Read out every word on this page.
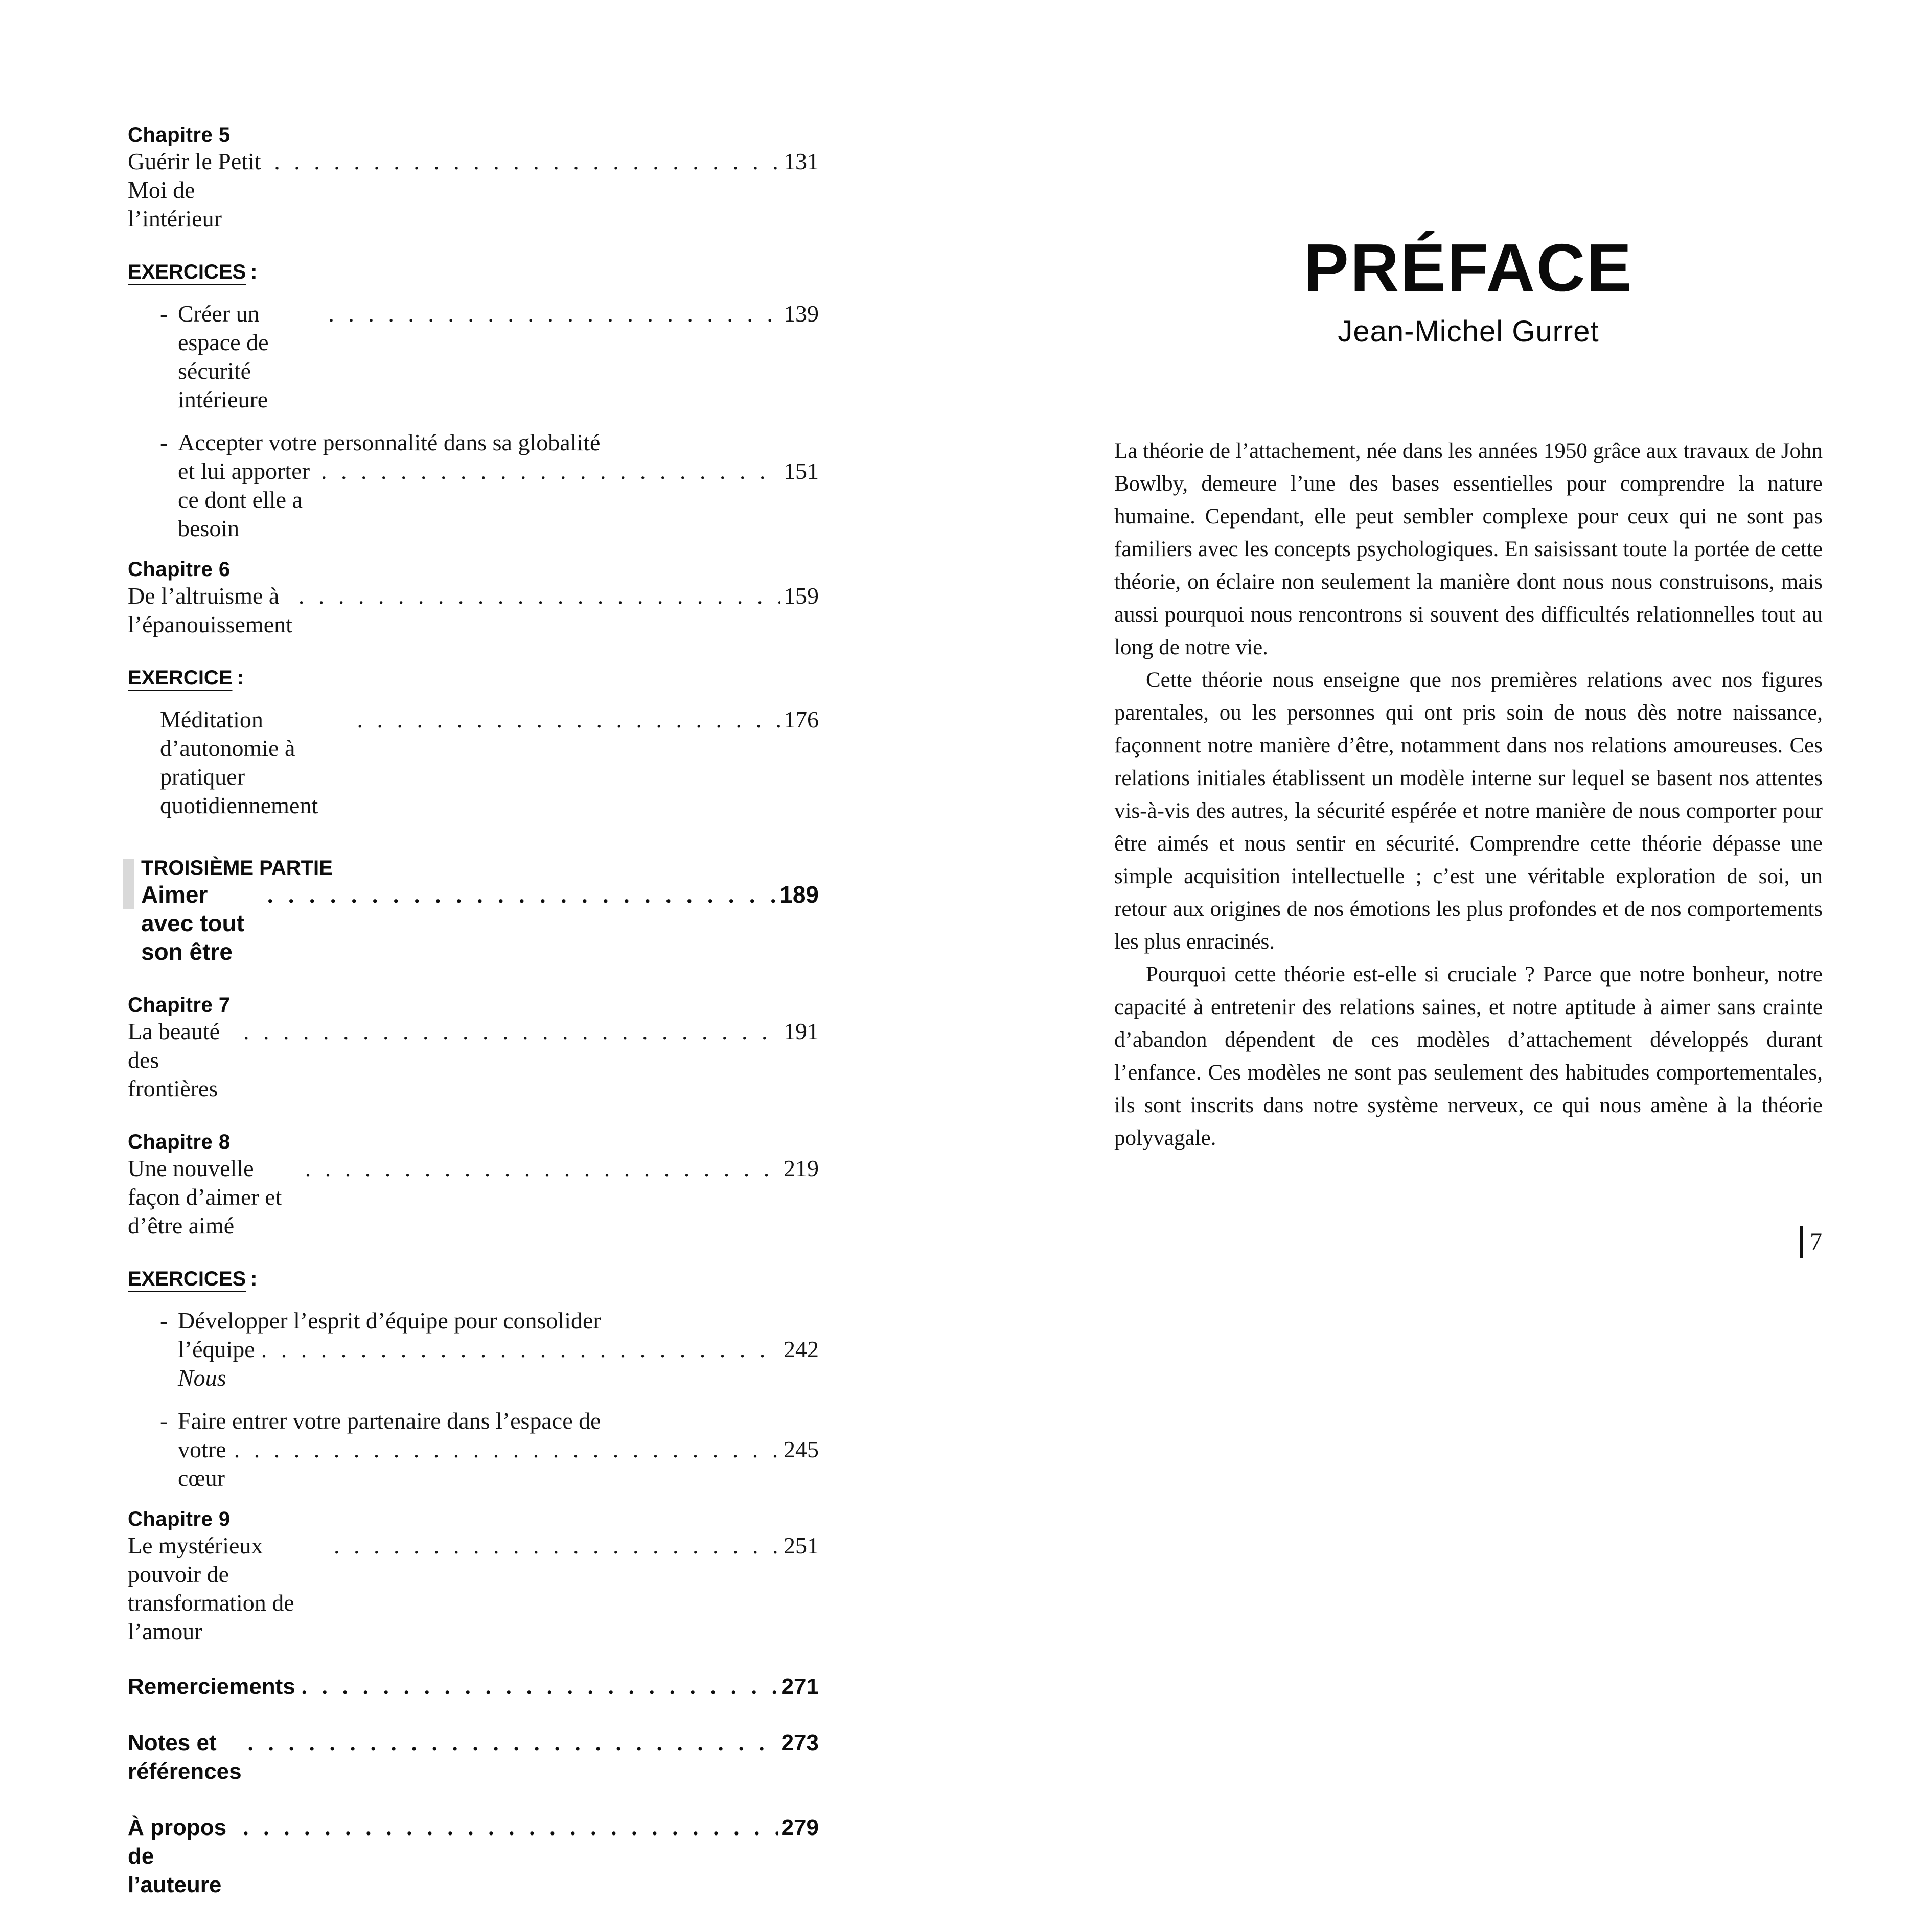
Chapitre 5
Guérir le Petit Moi de l’intérieur
. . .
131
EXERCICES :
- Créer un espace de sécurité intérieure
. . .
139
- Accepter votre personnalité dans sa globalité
et lui apporter ce dont elle a besoin
. . .
151
Chapitre 6
De l’altruisme à l’épanouissement
. . .
159
EXERCICE :
Méditation d’autonomie à pratiquer quotidiennement
. . .
176
TROISIÈME PARTIE
Aimer avec tout son être
. . .
189
Chapitre 7
La beauté des frontières
. . .
191
Chapitre 8
Une nouvelle façon d’aimer et d’être aimé
. . .
219
EXERCICES :
- Développer l’esprit d’équipe pour consolider
l’équipe Nous
. . .
242
- Faire entrer votre partenaire dans l’espace de
votre cœur
. . .
245
Chapitre 9
Le mystérieux pouvoir de transformation de l’amour
. . .
251
Remerciements . . .	271
Notes et références
. . .
273
À propos de l’auteure
. . .
279
PRÉFACE
Jean-Michel Gurret

La théorie de l’attachement, née dans les années 1950 grâce aux travaux de John Bowlby, demeure l’une des bases essentielles pour comprendre la nature humaine. Cependant, elle peut sembler complexe pour ceux qui ne sont pas familiers avec les concepts psychologiques. En saisissant toute la portée de cette théorie, on éclaire non seulement la manière dont nous nous construisons, mais aussi pourquoi nous rencontrons si souvent des difficultés relationnelles tout au long de notre vie.

Cette théorie nous enseigne que nos premières relations avec nos figures parentales, ou les personnes qui ont pris soin de nous dès notre naissance, façonnent notre manière d’être, notamment dans nos relations amoureuses. Ces relations initiales établissent un modèle interne sur lequel se basent nos attentes vis-à-vis des autres, la sécurité espérée et notre manière de nous comporter pour être aimés et nous sentir en sécurité. Comprendre cette théorie dépasse une simple acquisition intellectuelle ; c’est une véritable exploration de soi, un retour aux origines de nos émotions les plus profondes et de nos comportements les plus enracinés.

Pourquoi cette théorie est-elle si cruciale ? Parce que notre bonheur, notre capacité à entretenir des relations saines, et notre aptitude à aimer sans crainte d’abandon dépendent de ces modèles d’attachement développés durant l’enfance. Ces modèles ne sont pas seulement des habitudes comportementales, ils sont inscrits dans notre système nerveux, ce qui nous amène à la théorie polyvagale.

7
